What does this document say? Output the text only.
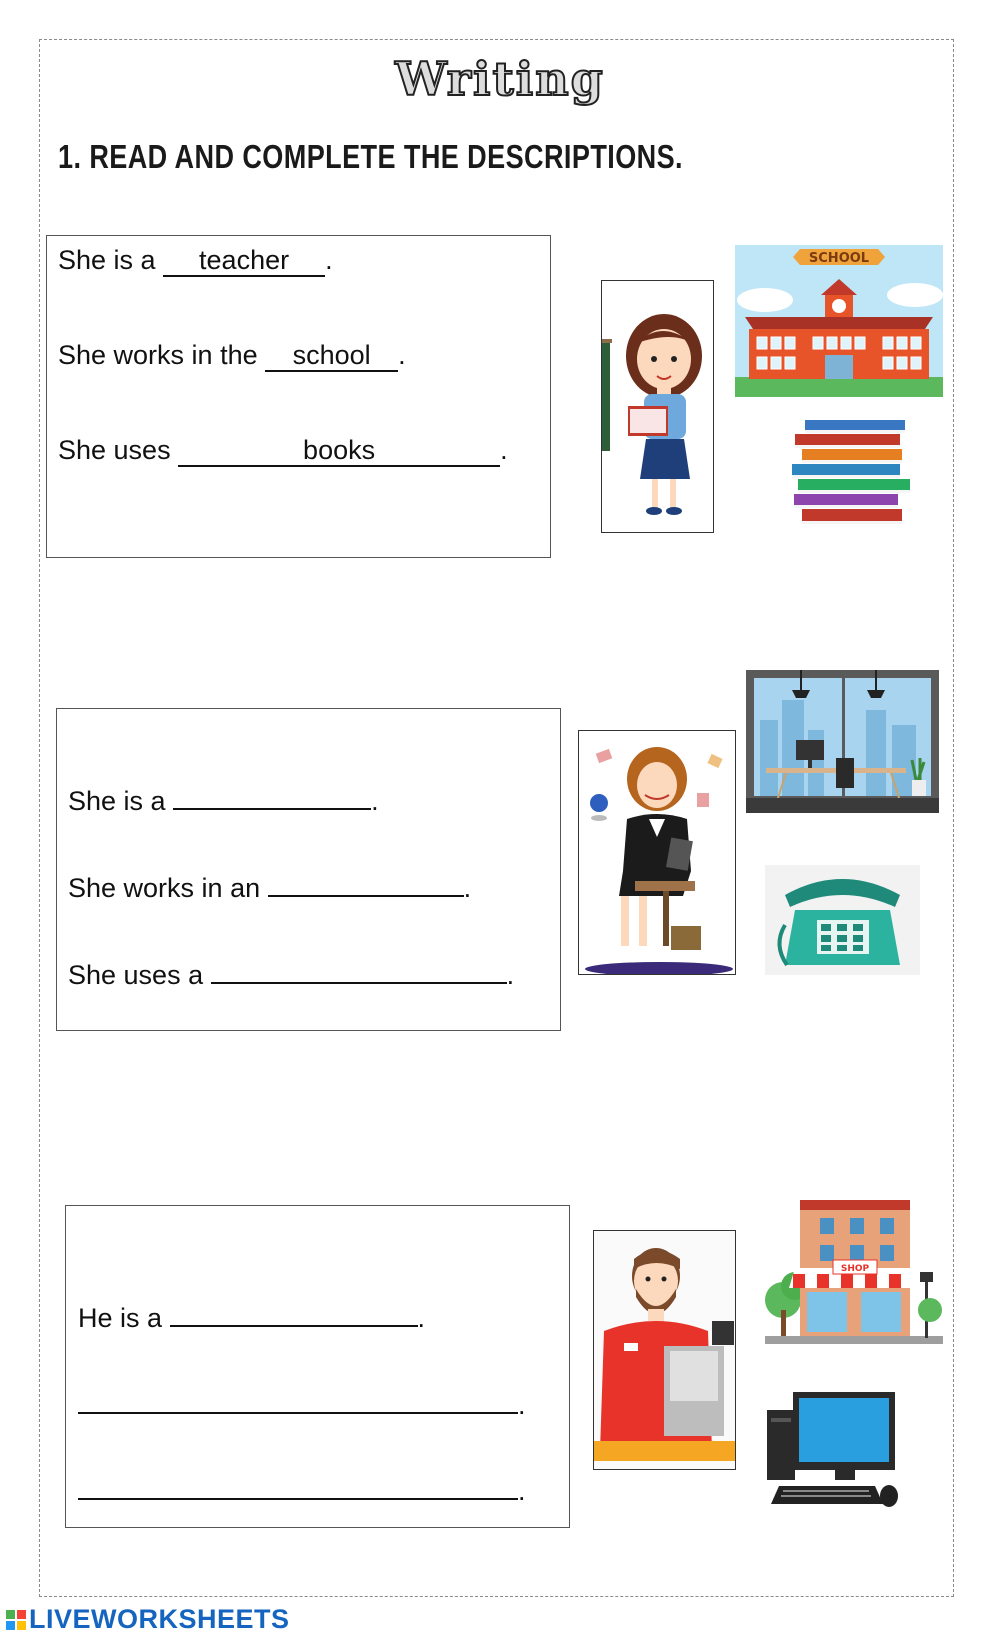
Writing
1. READ AND COMPLETE THE DESCRIPTIONS.
She is a teacher .
She works in the school .
She uses	books	.
SCHOOL
She is a	.
She works in an	.
She uses a	.
He is a	.
.
.
SHOP
LIVEWORKSHEETS
